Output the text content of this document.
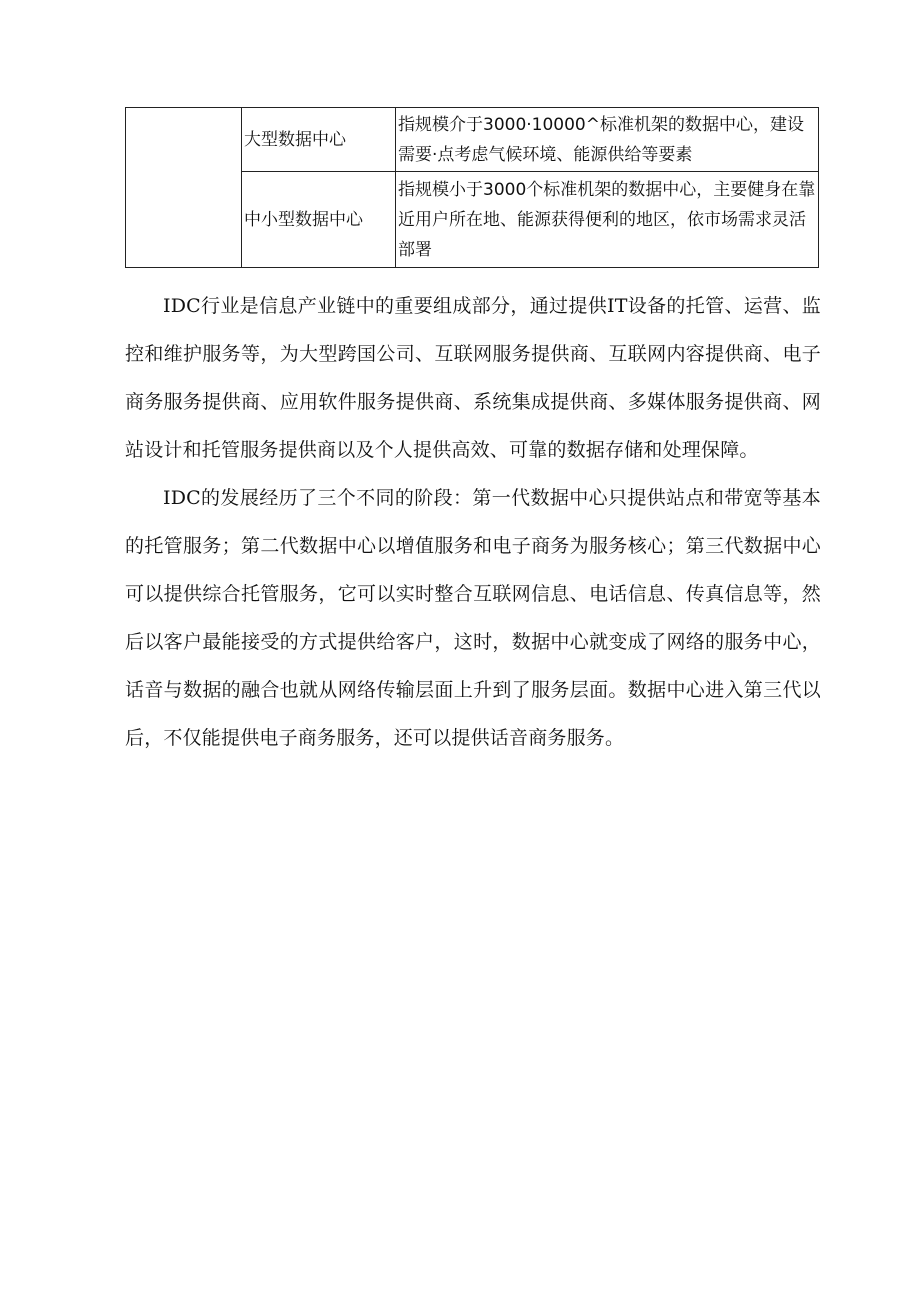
	大型数据中心	指规模介于3000·10000^标准机架的数据中心，建设需要·点考虑气候环境、能源供给等要素
	中小型数据中心	指规模小于3000个标准机架的数据中心，主要健身在靠近用户所在地、能源获得便利的地区，依市场需求灵活部署

IDC行业是信息产业链中的重要组成部分，通过提供IT设备的托管、运营、监控和维护服务等，为大型跨国公司、互联网服务提供商、互联网内容提供商、电子商务服务提供商、应用软件服务提供商、系统集成提供商、多媒体服务提供商、网站设计和托管服务提供商以及个人提供高效、可靠的数据存储和处理保障。

IDC的发展经历了三个不同的阶段：第一代数据中心只提供站点和带宽等基本的托管服务；第二代数据中心以增值服务和电子商务为服务核心；第三代数据中心可以提供综合托管服务，它可以实时整合互联网信息、电话信息、传真信息等，然后以客户最能接受的方式提供给客户，这时，数据中心就变成了网络的服务中心，话音与数据的融合也就从网络传输层面上升到了服务层面。数据中心进入第三代以后，不仅能提供电子商务服务，还可以提供话音商务服务。
